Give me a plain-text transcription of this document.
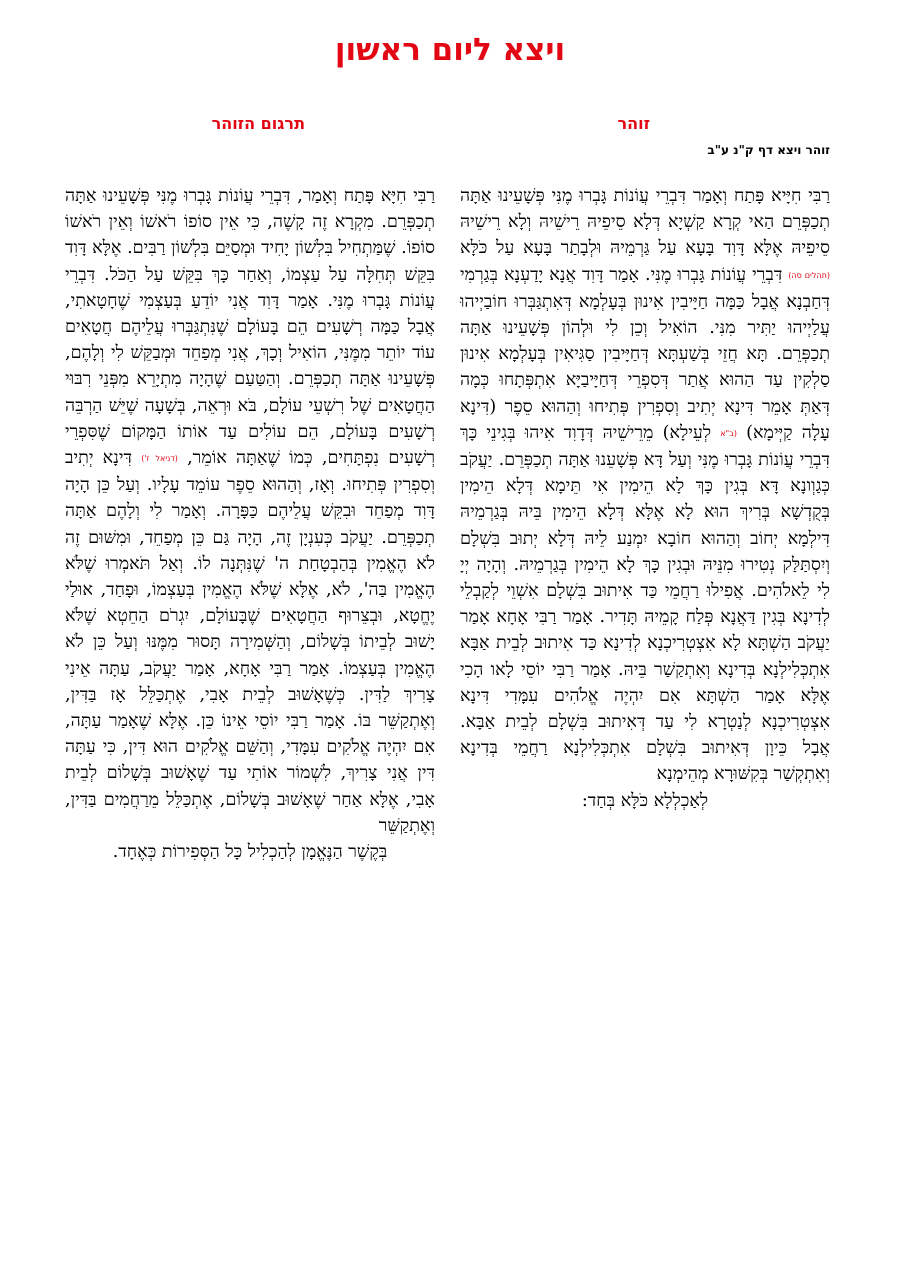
ויצא ליום ראשון
זוהר
תרגום הזוהר
זוהר ויצא דף ק"נ ע"ב

רַבִּי חִיָּיא פָּתַח וְאָמַר דִּבְרֵי עֲוֹנוֹת גָּבְרוּ מֶנִּי פְּשָׁעֵינוּ אַתָּה תְכַפְּרֵם הַאי קְרָא קַשְׁיָא דְּלָא סֵיפֵיהּ רֵישֵׁיהּ וְלָא רֵישֵׁיהּ סֵיפֵיהּ אֶלָּא דָּוִד בָּעָא עַל גַּרְמֵיהּ וּלְבָתַר בָּעָא עַל כֹּלָּא (תהלים סה) דִּבְרֵי עֲוֹנוֹת גָּבְרוּ מֶנִּי. אָמַר דָּוִד אֲנָא יָדַעְנָא בְּגַרְמִי דְּחַבְנָא אֲבָל כַּמָּה חַיָּיבִין אִינוּן בְּעָלְמָא דְּאִתְגַּבְּרוּ חוֹבַיְיהוּ עֲלַיְיהוּ יַתִּיר מִנִּי. הוֹאִיל וְכֵן לִי וּלְהוֹן פְּשָׁעֵינוּ אַתָּה תְכַפְּרֵם. תָּא חֲזֵי בְּשַׁעְתָּא דְּחַיָּיבִין סַגִּיאִין בְּעָלְמָא אִינוּן סַלְקִין עַד הַהוּא אֲתַר דְּסִפְרֵי דְּחַיָּיבַיָּא אִתְפְּתָחוּ כְּמָה דְּאַתְּ אָמֵר דִּינָא יְתִיב וְסִפְרִין פְּתִיחוּ וְהַהוּא סֵפֶר (דִּינָא עָלָה קַיְּימָא) (ב"א לְעֵילָא) מֵרֵישֵׁיהּ דְּדָוִד אִיהוּ בְּגִינֵי כָּךְ דִּבְרֵי עֲוֹנוֹת גָּבְרוּ מֶנִּי וְעַל דָּא פְּשָׁעֵנוּ אַתָּה תְכַפְּרֵם. יַעֲקֹב כְּגַוְונָא דָּא בְּגִין כָּךְ לָא הֵימִין אִי תֵּימָא דְּלָא הֵימִין בְּקֻדְשָׁא בְּרִיךְ הוּא לָא אֶלָּא דְּלָא הֵימִין בֵּיהּ בְּגַרְמֵיהּ דִּילְמָא יְחוֹב וְהַהוּא חוֹבָא יִמְנַע לֵיהּ דְּלָא יְתוּב בִּשְׁלָם וְיִסְתַּלַּק נְטִירוּ מִנֵּיהּ וּבְגִין כָּךְ לָא הֵימִין בְּגַרְמֵיהּ. וְהָיָה יְיָ לִי לֵאלֹהִים. אֲפִילוּ רַחֲמֵי כַּד אִיתוּב בִּשְׁלָם אִשְׁוֵי לְקַבְלֵי לְדִינָא בְּגִין דַּאֲנָא פְּלַח קָמֵיהּ תָּדִיר. אָמַר רַבִּי אָחָא אָמַר יַעֲקֹב הַשְׁתָּא לָא אִצְטְרִיכְנָא לְדִינָא כַּד אִיתוּב לְבֵית אַבָּא אִתְכְּלִילְנָא בְּדִינָא וְאִתְקַשַׁר בֵּיהּ. אָמַר רַבִּי יוֹסֵי לָאו הָכִי אֶלָּא אָמַר הַשְׁתָּא אִם יִהְיֶה אֱלֹהִים עִמָּדִי דִּינָא אִצְטְרִיכְנָא לְנַטְרָא לִי עַד דְּאִיתוּב בִּשְׁלָם לְבֵית אַבָּא. אֲבָל כֵּיוָן דְּאִיתוּב בִּשְׁלָם אִתְכְּלִילְנָא רַחֲמֵי בְּדִינָא וְאִתְקְשַׁר בְּקִשּׁוּרָא מְהֵימְנָא

לְאַכְלְלָא כֹּלָּא בְּחַד:

רַבִּי חִיָּא פָּתַח וְאָמַר, דִּבְרֵי עֲוֹנוֹת גָּבְרוּ מֶנִּי פְּשָׁעֵינוּ אַתָּה תְכַפְּרֵם. מִקְרָא זֶה קָשֶׁה, כִּי אֵין סוֹפוֹ רֹאשׁוֹ וְאֵין רֹאשׁוֹ סוֹפוֹ. שֶׁמַּתְחִיל בִּלְשׁוֹן יָחִיד וּמְסַיֵּם בִּלְשׁוֹן רַבִּים. אֶלָּא דָּוִד בִּקֵּשׁ תְּחִלָּה עַל עַצְמוֹ, וְאַחַר כָּךְ בִּקֵּשׁ עַל הַכֹּל. דִּבְרֵי עֲוֹנוֹת גָּבְרוּ מֶנִּי. אָמַר דָּוִד אֲנִי יוֹדֵעַ בְּעַצְמִי שֶׁחָטָאתִי, אֲבָל כַּמָּה רְשָׁעִים הֵם בָּעוֹלָם שֶׁנִּתְגַּבְּרוּ עֲלֵיהֶם חֲטָאִים עוֹד יוֹתֵר מִמֶּנִּי, הוֹאִיל וְכָךְ, אֲנִי מְפַחֵד וּמְבַקֵּשׁ לִי וְלָהֶם, פְּשָׁעֵינוּ אַתָּה תְכַפְּרֵם. וְהַטַּעַם שֶׁהָיָה מִתְיָרֵא מִפְּנֵי רִבּוּי הַחֲטָאִים שֶׁל רִשְׁעֵי עוֹלָם, בֹּא וּרְאֵה, בְּשָׁעָה שֶׁיֵּשׁ הַרְבֵּה רְשָׁעִים בָּעוֹלָם, הֵם עוֹלִים עַד אוֹתוֹ הַמָּקוֹם שֶׁסִּפְרֵי רְשָׁעִים נִפְתָּחִים, כְּמוֹ שֶׁאַתָּה אוֹמֵר, (דניאל ז') דִּינָא יְתִיב וְסִפְרִין פְּתִיחוּ. וְאָז, וְהַהוּא סֵפֶר עוֹמֵד עָלָיו. וְעַל כֵּן הָיָה דָּוִד מְפַחֵד וּבִקֵּשׁ עֲלֵיהֶם כַּפָּרָה. וְאָמַר לִי וְלָהֶם אַתָּה תְכַפְּרֵם. יַעֲקֹב כְּעִנְיָן זֶה, הָיָה גַּם כֵּן מְפַחֵד, וּמִשּׁוּם זֶה לֹא הֶאֱמִין בְּהַבְטָחַת ה' שֶׁנִּתְּנָה לוֹ. וְאַל תֹּאמְרוּ שֶׁלֹּא הֶאֱמִין בַּה', לֹא, אֶלָּא שֶׁלֹּא הֶאֱמִין בְּעַצְמוֹ, וּפָחַד, אוּלַי יֶחֱטָא, וּבְצֵרוּף הַחֲטָאִים שֶׁבָּעוֹלָם, יִגְרֹם הַחֵטְא שֶׁלֹּא יָשׁוּב לְבֵיתוֹ בְּשָׁלוֹם, וְהַשְּׁמִירָה תָּסוּר מִמֶּנּוּ וְעַל כֵּן לֹא הֶאֱמִין בְּעַצְמוֹ. אָמַר רַבִּי אָחָא, אָמַר יַעֲקֹב, עַתָּה אֵינִי צָרִיךְ לַדִּין. כְּשֶׁאָשׁוּב לְבֵית אָבִי, אֶתְכַּלֵּל אָז בַּדִּין, וְאֶתְקַשֵּׁר בּוֹ. אָמַר רַבִּי יוֹסֵי אֵינוֹ כֵּן. אֶלָּא שֶׁאָמַר עַתָּה, אִם יִהְיֶה אֱלֹקִים עִמָּדִי, וְהַשֵּׁם אֱלֹקִים הוּא דִּין, כִּי עַתָּה דִּין אֲנִי צָרִיךְ, לִשְׁמוֹר אוֹתִי עַד שֶׁאָשׁוּב בְּשָׁלוֹם לְבֵית אָבִי, אֶלָּא אַחַר שֶׁאָשׁוּב בְּשָׁלוֹם, אֶתְכַּלֵּל מֵרַחֲמִים בַּדִּין, וְאֶתְקַשֵּׁר

בְּקֶשֶׁר הַנֶּאֱמָן לְהַכְלִיל כָּל הַסְּפִירוֹת כְּאֶחָד.
